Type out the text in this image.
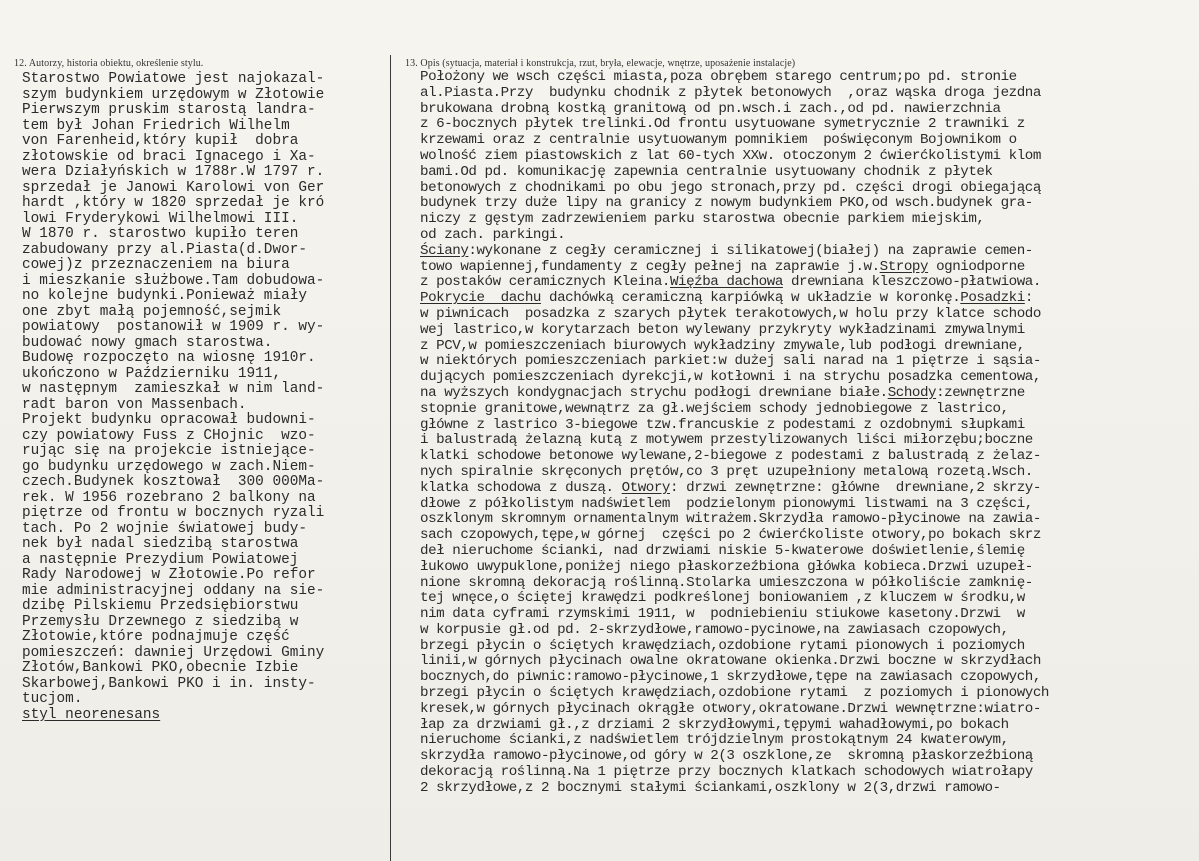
12. Autorzy, historia obiektu, określenie stylu.	13. Opis (sytuacja, materiał i konstrukcja, rzut, bryła, elewacje, wnętrze, uposażenie instalacje)
Starostwo Powiatowe jest najokazal-
szym budynkiem urzędowym w Złotowie
Pierwszym pruskim starostą landra-
tem był Johan Friedrich Wilhelm
von Farenheid,który kupił  dobra
złotowskie od braci Ignacego i Xa-
wera Działyńskich w 1788r.W 1797 r.
sprzedał je Janowi Karolowi von Ger
hardt ,który w 1820 sprzedał je kró
lowi Fryderykowi Wilhelmowi III.
W 1870 r. starostwo kupiło teren
zabudowany przy al.Piasta(d.Dwor-
cowej)z przeznaczeniem na biura
i mieszkanie służbowe.Tam dobudowa-
no kolejne budynki.Ponieważ miały
one zbyt małą pojemność,sejmik
powiatowy  postanowił w 1909 r. wy-
budować nowy gmach starostwa.
Budowę rozpoczęto na wiosnę 1910r.
ukończono w Październiku 1911,
w następnym  zamieszkał w nim land-
radt baron von Massenbach.
Projekt budynku opracował budowni-
czy powiatowy Fuss z CHojnic  wzo-
rując się na projekcie istniejące-
go budynku urzędowego w zach.Niem-
czech.Budynek kosztował  300 000Ma-
rek. W 1956 rozebrano 2 balkony na
piętrze od frontu w bocznych ryzali
tach. Po 2 wojnie światowej budy-
nek był nadal siedzibą starostwa
a następnie Prezydium Powiatowej
Rady Narodowej w Złotowie.Po refor
mie administracyjnej oddany na sie-
dzibę Pilskiemu Przedsiębiorstwu
Przemysłu Drzewnego z siedzibą w
Złotowie,które podnajmuje część
pomieszczeń: dawniej Urzędowi Gminy
Złotów,Bankowi PKO,obecnie Izbie
Skarbowej,Bankowi PKO i in. instу-
tucjom.
styl neorenesans
Położony we wsch części miasta,poza obrębem starego centrum;po pd. stronie
al.Piasta.Przy  budynku chodnik z płytek betonowych  ,oraz wąska droga jezdna
brukowana drobną kostką granitową od pn.wsch.i zach.,od pd. nawierzchnia
z 6-bocznych płytek trelinki.Od frontu usytuowane symetrycznie 2 trawniki z
krzewami oraz z centralnie usytuowanym pomnikiem  poświęconym Bojownikom o
wolność ziem piastowskich z lat 60-tych XXw. otoczonym 2 ćwierćkolistymi klom
bami.Od pd. komunikację zapewnia centralnie usytuowany chodnik z płytek
betonowych z chodnikami po obu jego stronach,przy pd. części drogi obiegającą
budynek trzy duże lipy na granicy z nowym budynkiem PKO,od wsch.budynek gra-
niczy z gęstym zadrzewieniem parku starostwa obecnie parkiem miejskim,
od zach. parkingi.
Ściany:wykonane z cegły ceramicznej i silikatowej(białej) na zaprawie cemen-
towo wapiennej,fundamenty z cegły pełnej na zaprawie j.w.Stropy ogniodporne
z postaków ceramicznych Kleina.Więźba dachowa drewniana kleszczowo-płatwiowa.
Pokrycie  dachu dachówką ceramiczną karpiówką w układzie w koronkę.Posadzki:
w piwnicach  posadzka z szarych płytek terakotowych,w holu przy klatce schodo
wej lastrico,w korytarzach beton wylewany przykryty wykładzinami zmywalnymi
z PCV,w pomieszczeniach biurowych wykładziny zmywale,lub podłogi drewniane,
w niektórych pomieszczeniach parkiet:w dużej sali narad na 1 piętrze i sąsia-
dujących pomieszczeniach dyrekcji,w kotłowni i na strychu posadzka cementowa,
na wyższych kondygnacjach strychu podłogi drewniane białe.Schody:zewnętrzne
stopnie granitowe,wewnątrz za gł.wejściem schody jednobiegowe z lastrico,
główne z lastrico 3-biegowe tzw.francuskie z podestami z ozdobnymi słupkami
i balustradą żelazną kutą z motywem przestylizowanych liści miłorzębu;boczne
klatki schodowe betonowe wylewane,2-biegowe z podestami z balustradą z żelaz-
nych spiralnie skręconych prętów,co 3 pręt uzupełniony metalową rozetą.Wsch.
klatka schodowa z duszą. Otwory: drzwi zewnętrzne: główne  drewniane,2 skrzy-
dłowe z półkolistym nadświetlem  podzielonym pionowymi listwami na 3 części,
oszklonym skromnym ornamentalnym witrażem.Skrzydła ramowo-płycinowe na zawia-
sach czopowych,tępe,w górnej  części po 2 ćwierćkoliste otwory,po bokach skrz
deł nieruchome ścianki, nad drzwiami niskie 5-kwaterowe doświetlenie,ślemię
łukowo uwypuklone,poniżej niego płaskorzeźbiona główka kobieca.Drzwi uzupeł-
nione skromną dekoracją roślinną.Stolarka umieszczona w półkoliście zamknię-
tej wnęce,o ściętej krawędzi podkreślonej boniowaniem ,z kluczem w środku,w
nim data cyframi rzymskimi 1911, w  podniebieniu stiukowe kasetony.Drzwi  w
w korpusie gł.od pd. 2-skrzydłowe,ramowo-pycinowe,na zawiasach czopowych,
brzegi płycin o ściętych krawędziach,ozdobione rytami pionowych i poziomych
linii,w górnych płycinach owalne okratowane okienka.Drzwi boczne w skrzydłach
bocznych,do piwnic:ramowo-płycinowe,1 skrzydłowe,tępe na zawiasach czopowych,
brzegi płycin o ściętych krawędziach,ozdobione rytami  z poziomych i pionowych
kresek,w górnych płycinach okrągłe otwory,okratowane.Drzwi wewnętrzne:wiatro-
łap za drzwiami gł.,z drziami 2 skrzydłowymi,tępymi wahadłowymi,po bokach
nieruchome ścianki,z nadświetlem trójdzielnym prostokątnym 24 kwaterowym,
skrzydła ramowo-płycinowe,od góry w 2(3 oszklone,ze  skromną płaskorzeźbioną
dekoracją roślinną.Na 1 piętrze przy bocznych klatkach schodowych wiatrołapy
2 skrzydłowe,z 2 bocznymi stałymi ściankami,oszklony w 2(3,drzwi ramowo-
